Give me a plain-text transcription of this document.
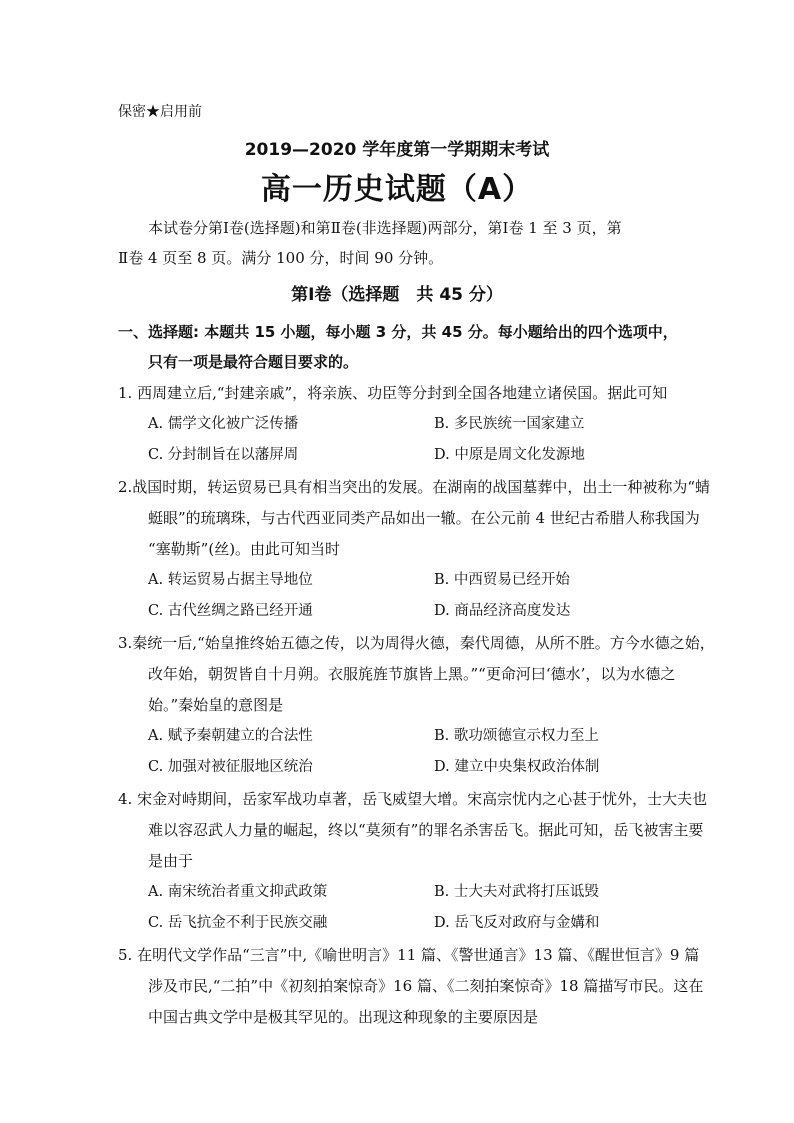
保密★启用前
2019—2020 学年度第一学期期末考试
高一历史试题（A）
本试卷分第Ⅰ卷(选择题)和第Ⅱ卷(非选择题)两部分，第Ⅰ卷 1 至 3 页，第
Ⅱ卷 4 页至 8 页。满分 100 分，时间 90 分钟。
第Ⅰ卷（选择题　共 45 分）
一、选择题: 本题共 15 小题，每小题 3 分，共 45 分。每小题给出的四个选项中，
只有一项是最符合题目要求的。
1. 西周建立后,“封建亲戚”，将亲族、功臣等分封到全国各地建立诸侯国。据此可知
A. 儒学文化被广泛传播	B. 多民族统一国家建立
C. 分封制旨在以藩屏周	D. 中原是周文化发源地
2.战国时期，转运贸易已具有相当突出的发展。在湖南的战国墓葬中，出土一种被称为“蜻
蜓眼”的琉璃珠，与古代西亚同类产品如出一辙。在公元前 4 世纪古希腊人称我国为
“塞勒斯”(丝)。由此可知当时
A. 转运贸易占据主导地位	B. 中西贸易已经开始
C. 古代丝绸之路已经开通	D. 商品经济高度发达
3.秦统一后,“始皇推终始五德之传，以为周得火德，秦代周德，从所不胜。方今水德之始，
改年始，朝贺皆自十月朔。衣服旄旌节旗皆上黑。”“更命河曰‘德水’，以为水德之
始。”秦始皇的意图是
A. 赋予秦朝建立的合法性	B. 歌功颂德宣示权力至上
C. 加强对被征服地区统治	D. 建立中央集权政治体制
4. 宋金对峙期间，岳家军战功卓著，岳飞威望大增。宋高宗忧内之心甚于忧外，士大夫也
难以容忍武人力量的崛起，终以“莫须有”的罪名杀害岳飞。据此可知，岳飞被害主要
是由于
A. 南宋统治者重文抑武政策	B. 士大夫对武将打压诋毁
C. 岳飞抗金不利于民族交融	D. 岳飞反对政府与金媾和
5. 在明代文学作品“三言”中,《喻世明言》11 篇、《警世通言》13 篇、《醒世恒言》9 篇
涉及市民,“二拍”中《初刻拍案惊奇》16 篇、《二刻拍案惊奇》18 篇描写市民。这在
中国古典文学中是极其罕见的。出现这种现象的主要原因是
